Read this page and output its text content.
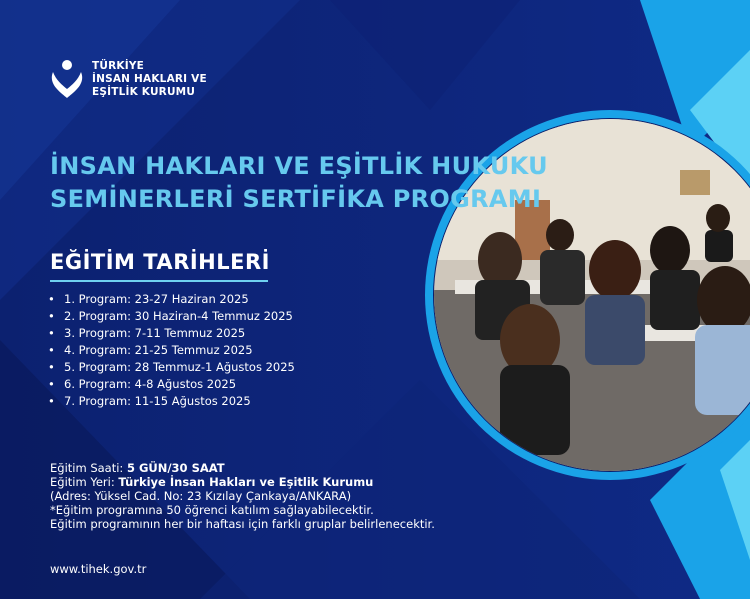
TÜRKİYE
İNSAN HAKLARI VE
EŞİTLİK KURUMU
İNSAN HAKLARI VE EŞİTLİK HUKUKU
SEMİNERLERİ SERTİFİKA PROGRAMI
EĞİTİM TARİHLERİ
• 1. Program: 23-27 Haziran 2025
• 2. Program: 30 Haziran-4 Temmuz 2025
• 3. Program: 7-11 Temmuz 2025
• 4. Program: 21-25 Temmuz 2025
• 5. Program: 28 Temmuz-1 Ağustos 2025
• 6. Program: 4-8 Ağustos 2025
• 7. Program: 11-15 Ağustos 2025
Eğitim Saati: 5 GÜN/30 SAAT
Eğitim Yeri: Türkiye İnsan Hakları ve Eşitlik Kurumu
(Adres: Yüksel Cad. No: 23 Kızılay Çankaya/ANKARA)
*Eğitim programına 50 öğrenci katılım sağlayabilecektir.
Eğitim programının her bir haftası için farklı gruplar belirlenecektir.
www.tihek.gov.tr
